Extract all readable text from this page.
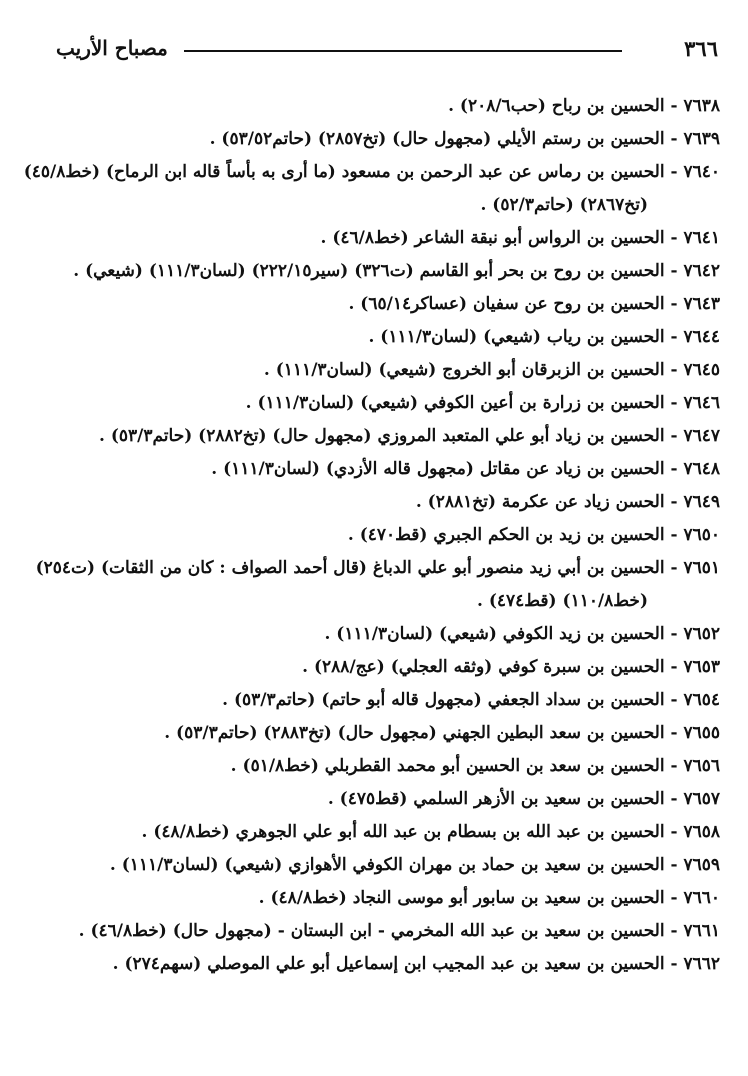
٣٦٦
مصباح الأريب
٧٦٣٨ - الحسين بن رباح (حب٢٠٨/٦) .
٧٦٣٩ - الحسين بن رستم الأيلي (مجهول حال) (تخ٢٨٥٧) (حاتم٥٣/٥٢) .
٧٦٤٠ - الحسين بن رماس عن عبد الرحمن بن مسعود (ما أرى به بأساً قاله ابن الرماح) (خط٤٥/٨)
(تخ٢٨٦٧) (حاتم٥٢/٣) .
٧٦٤١ - الحسين بن الرواس أبو نبقة الشاعر (خط٤٦/٨) .
٧٦٤٢ - الحسين بن روح بن بحر أبو القاسم (ت٣٢٦) (سير٢٢٢/١٥) (لسان١١١/٣) (شيعي) .
٧٦٤٣ - الحسين بن روح عن سفيان (عساكر٦٥/١٤) .
٧٦٤٤ - الحسين بن رياب (شيعي) (لسان١١١/٣) .
٧٦٤٥ - الحسين بن الزبرقان أبو الخروج (شيعي) (لسان١١١/٣) .
٧٦٤٦ - الحسين بن زرارة بن أعين الكوفي (شيعي) (لسان١١١/٣) .
٧٦٤٧ - الحسين بن زياد أبو علي المتعبد المروزي (مجهول حال) (تخ٢٨٨٢) (حاتم٥٣/٣) .
٧٦٤٨ - الحسين بن زياد عن مقاتل (مجهول قاله الأزدي) (لسان١١١/٣) .
٧٦٤٩ - الحسن زياد عن عكرمة (تخ٢٨٨١) .
٧٦٥٠ - الحسين بن زيد بن الحكم الجبري (قط٤٧٠) .
٧٦٥١ - الحسين بن أبي زيد منصور أبو علي الدباغ (قال أحمد الصواف : كان من الثقات) (ت٢٥٤)
(خط١١٠/٨) (قط٤٧٤) .
٧٦٥٢ - الحسين بن زيد الكوفي (شيعي) (لسان١١١/٣) .
٧٦٥٣ - الحسين بن سبرة كوفي (وثقه العجلي) (عج/٢٨٨) .
٧٦٥٤ - الحسين بن سداد الجعفي (مجهول قاله أبو حاتم) (حاتم٥٣/٣) .
٧٦٥٥ - الحسين بن سعد البطين الجهني (مجهول حال) (تخ٢٨٨٣) (حاتم٥٣/٣) .
٧٦٥٦ - الحسين بن سعد بن الحسين أبو محمد القطربلي (خط٥١/٨) .
٧٦٥٧ - الحسين بن سعيد بن الأزهر السلمي (قط٤٧٥) .
٧٦٥٨ - الحسين بن عبد الله بن بسطام بن عبد الله أبو علي الجوهري (خط٤٨/٨) .
٧٦٥٩ - الحسين بن سعيد بن حماد بن مهران الكوفي الأهوازي (شيعي) (لسان١١١/٣) .
٧٦٦٠ - الحسين بن سعيد بن سابور أبو موسى النجاد (خط٤٨/٨) .
٧٦٦١ - الحسين بن سعيد بن عبد الله المخرمي - ابن البستان - (مجهول حال) (خط٤٦/٨) .
٧٦٦٢ - الحسين بن سعيد بن عبد المجيب ابن إسماعيل أبو علي الموصلي (سهم٢٧٤) .
